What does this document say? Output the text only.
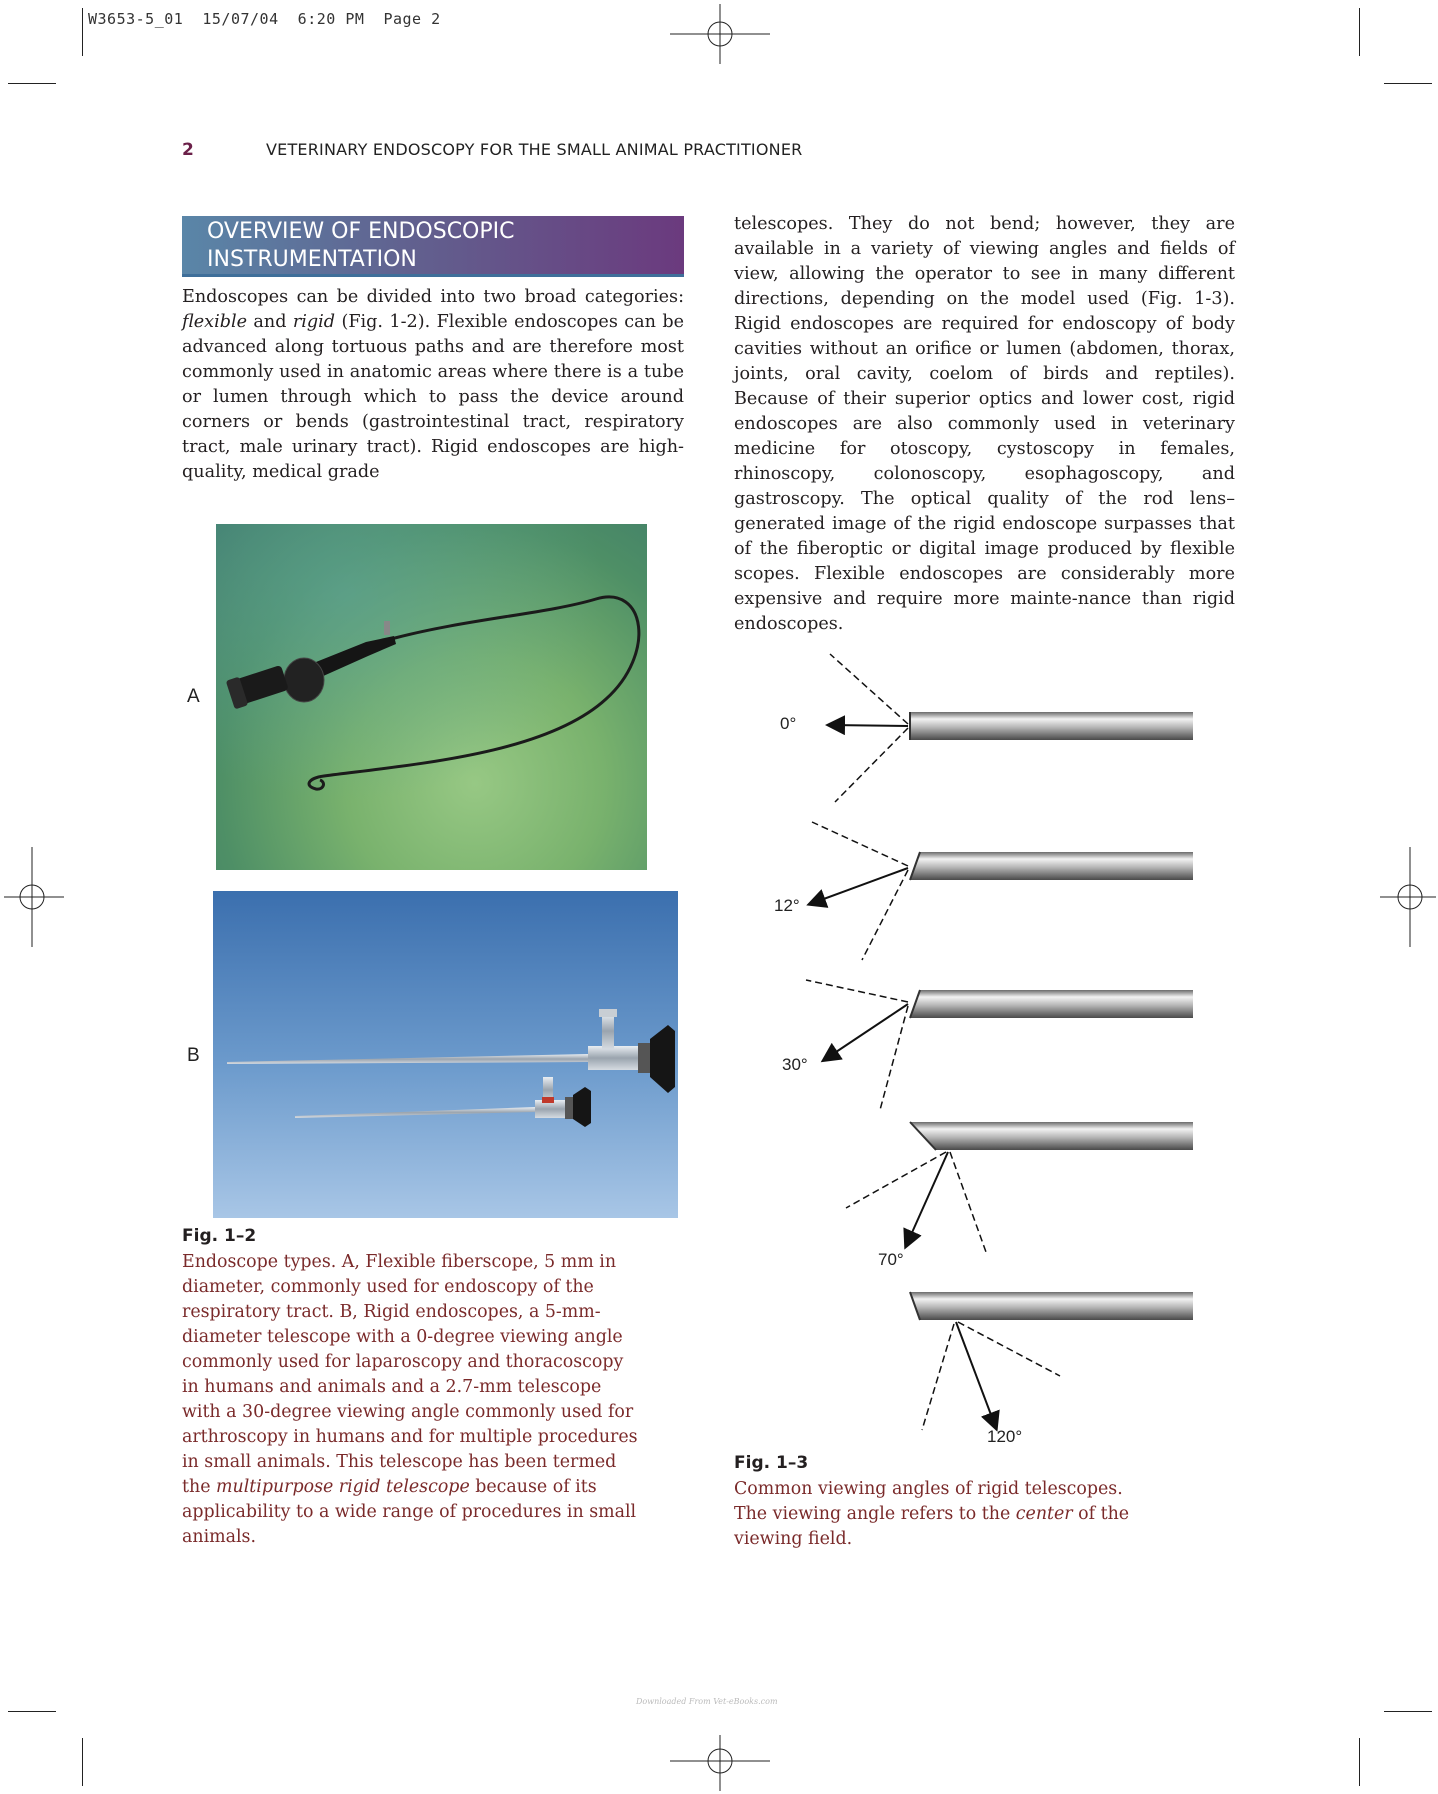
W3653-5_01  15/07/04  6:20 PM  Page 2
2	VETERINARY ENDOSCOPY FOR THE SMALL ANIMAL PRACTITIONER
OVERVIEW OF ENDOSCOPIC
INSTRUMENTATION
Endoscopes can be divided into two broad categories: flexible and rigid (Fig. 1-2). Flexible endoscopes can be advanced along tortuous paths and are therefore most commonly used in anatomic areas where there is a tube or lumen through which to pass the device around corners or bends (gastrointestinal tract, respiratory tract, male urinary tract). Rigid endoscopes are high-quality, medical grade
telescopes. They do not bend; however, they are available in a variety of viewing angles and fields of view, allowing the operator to see in many different directions, depending on the model used (Fig. 1-3). Rigid endoscopes are required for endoscopy of body cavities without an orifice or lumen (abdomen, thorax, joints, oral cavity, coelom of birds and reptiles). Because of their superior optics and lower cost, rigid endoscopes are also commonly used in veterinary medicine for otoscopy, cystoscopy in females, rhinoscopy, colonoscopy, esophagoscopy, and gastroscopy. The optical quality of the rod lens–generated image of the rigid endoscope surpasses that of the fiberoptic or digital image produced by flexible scopes. Flexible endoscopes are considerably more expensive and require more mainte-nance than rigid endoscopes.
A
B
Fig. 1–2
Endoscope types. A, Flexible fiberscope, 5 mm in diameter, commonly used for endoscopy of the respiratory tract. B, Rigid endoscopes, a 5-mm-diameter telescope with a 0-degree viewing angle commonly used for laparoscopy and thoracoscopy in humans and animals and a 2.7-mm telescope with a 30-degree viewing angle commonly used for arthroscopy in humans and for multiple procedures in small animals. This telescope has been termed the multipurpose rigid telescope because of its applicability to a wide range of procedures in small animals.
0°
12°
30°
70°
120°
Fig. 1–3
Common viewing angles of rigid telescopes. The viewing angle refers to the center of the viewing field.
Downloaded From Vet-eBooks.com
